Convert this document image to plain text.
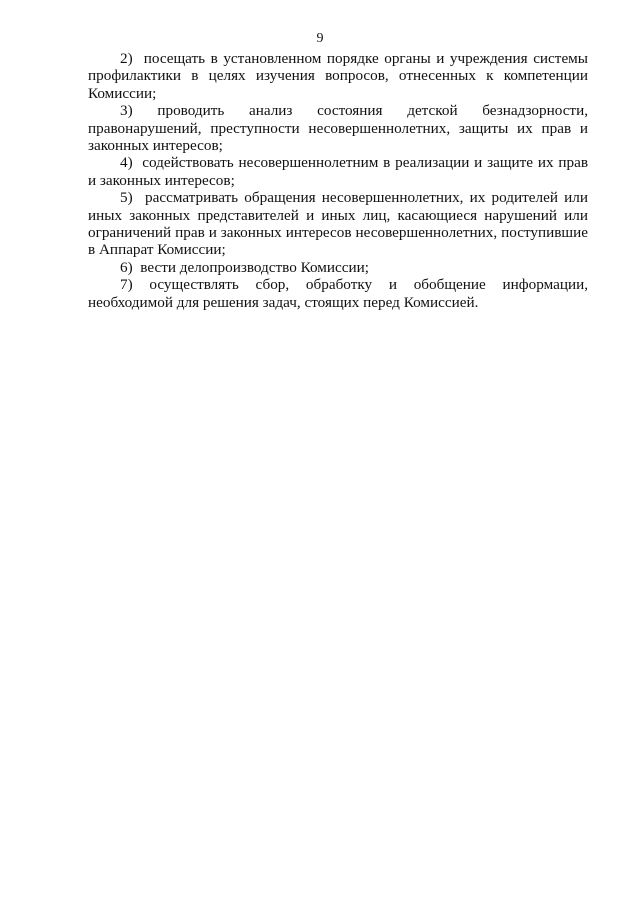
9

2) посещать в установленном порядке органы и учреждения системы профилактики в целях изучения вопросов, отнесенных к компетенции Комиссии;

3) проводить анализ состояния детской безнадзорности, правонарушений, преступности несовершеннолетних, защиты их прав и законных интересов;

4) содействовать несовершеннолетним в реализации и защите их прав и законных интересов;

5) рассматривать обращения несовершеннолетних, их родителей или иных законных представителей и иных лиц, касающиеся нарушений или ограничений прав и законных интересов несовершеннолетних, поступившие в Аппарат Комиссии;

6) вести делопроизводство Комиссии;

7) осуществлять сбор, обработку и обобщение информации, необходимой для решения задач, стоящих перед Комиссией.
